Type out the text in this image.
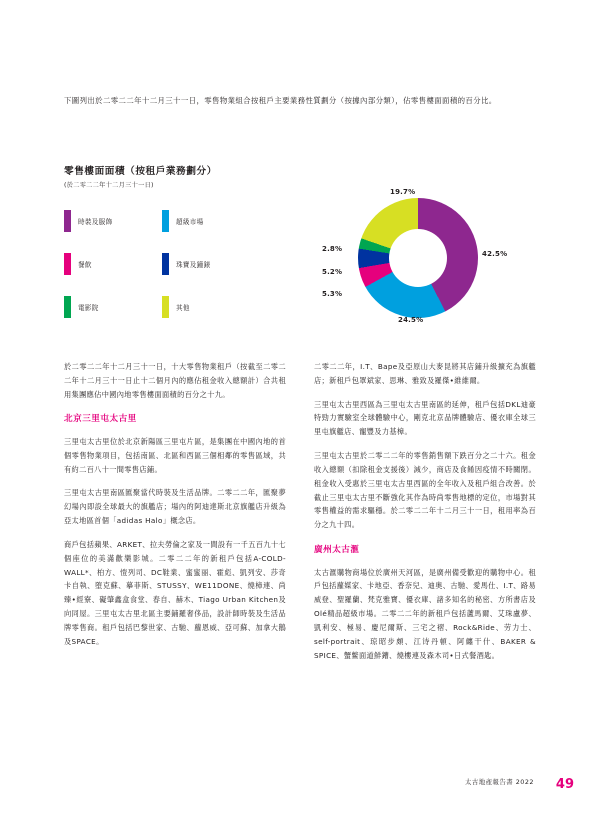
下圖列出於二零二二年十二月三十一日，零售物業組合按租戶主要業務性質劃分（按據內部分類），佔零售樓面面積的百分比。
零售樓面面積（按租戶業務劃分）
(於二零二二年十二月三十一日)
時裝及服飾	超級市場
餐飲	珠寶及鐘錶
電影院	其他
42.5%
24.5%
5.3%
5.2%
2.8%
19.7%

於二零二二年十二月三十一日，十大零售物業租戶（按截至二零二二年十二月三十一日止十二個月內的應佔租金收入總額計）合共租用集團應佔中國內地零售樓面面積的百分之十九。

北京三里屯太古里

三里屯太古里位於北京新陽區三里屯片區，是集團在中國內地的首個零售物業項目，包括南區、北區和西區三個相鄰的零售區域，共有約二百八十一間零售店鋪。

三里屯太古里南區匯聚當代時裝及生活品牌。二零二二年，匯聚夢幻場內即設全球最大的旗艦店；場內的阿迪達斯北京旗艦店升級為亞太地區首個「adidas Halo」概念店。

商戶包括蘋果、ARKET、拉夫勞倫之家及一間設有一千五百九十七個座位的美滿歡樂影城。二零二二年的新租戶包括A-COLD-WALL*、柏方、愷列司、DC鞋業、蜜蜜丽、霍彪、凱列安、莎奇卡自執、堕克蘇、摹菲斯、STUSSY、WE11DONE、燒樟連、尚臻•經寮、礙肇鑫盒食堂、春自、赫木、Tiago Urban Kitchen及向同屋。三里屯太古里北區主要鋪羅奢侈品，設計師時裝及生活品牌零售商。租戶包括巴黎世家、古馳、蘿恩威、亞可蘇、加拿大鵝及SPACE。

二零二二年，I.T、Bape及亞原山大麥昆將其店鋪升級擴充為旗艦店；新租戶包罩斌家、思琳、雅致及羅傑•維維爾。

三里屯太古里西區為三里屯太古里南區的延伸，租戶包括DKL迪豪特勁力實驗室全球體驗中心，剛克北京品牌體驗店、優衣庫全球三里屯旗艦店、寵豐及力基樟。

三里屯太古里於二零二二年的零售銷售額下跌百分之二十六。租金收入總額（扣除租金支援後）減少，商店及食餚因疫情不時關閉。租金收入受惠於三里屯太古里西區的全年收入及租戶組合改善。於截止三里屯太古里不斷強化其作為時尚零售地標的定位，市場對其零售權益的需求驅穩。於二零二二年十二月三十一日，租用率為百分之九十四。

廣州太古滙

太古滙購物商場位於廣州天河區，是廣州備受歡迎的購物中心。租戶包括蘿媒家、卡地亞、香奈兒、迪奧、古馳、愛馬仕、I.T、路易威登、聖羅蘭、梵克雅寶、優衣庫、諸多知名的秘密、方所書店及Olé精品超級市場。二零二二年的新租戶包括蘆馬爾、艾珠盧夢、凱利安、極易、慶尼爾斯、三宅之褶、Rock&Ride、劳力士、self-portrait、琼昭步頗、江诗丹頓、阿纏干什、BAKER & SPICE、蟹鳖面道鮮鏪、燒樓連及森木司•日式餐酒匙。

太古地產報告書 2022 49
